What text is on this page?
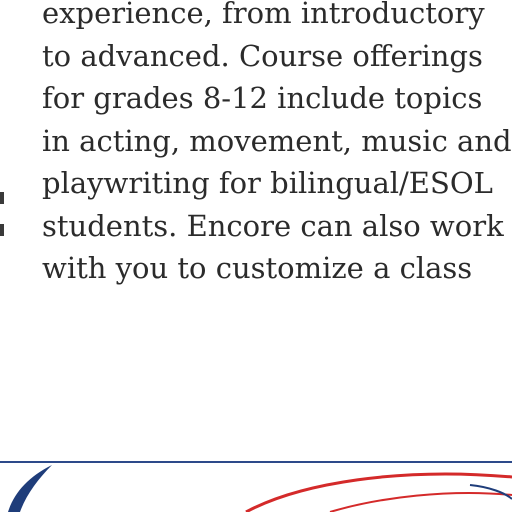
experience, from introductory
to advanced. Course offerings
for grades 8-12 include topics
in acting, movement, music and
playwriting for bilingual/ESOL
students. Encore can also work
with you to customize a class
